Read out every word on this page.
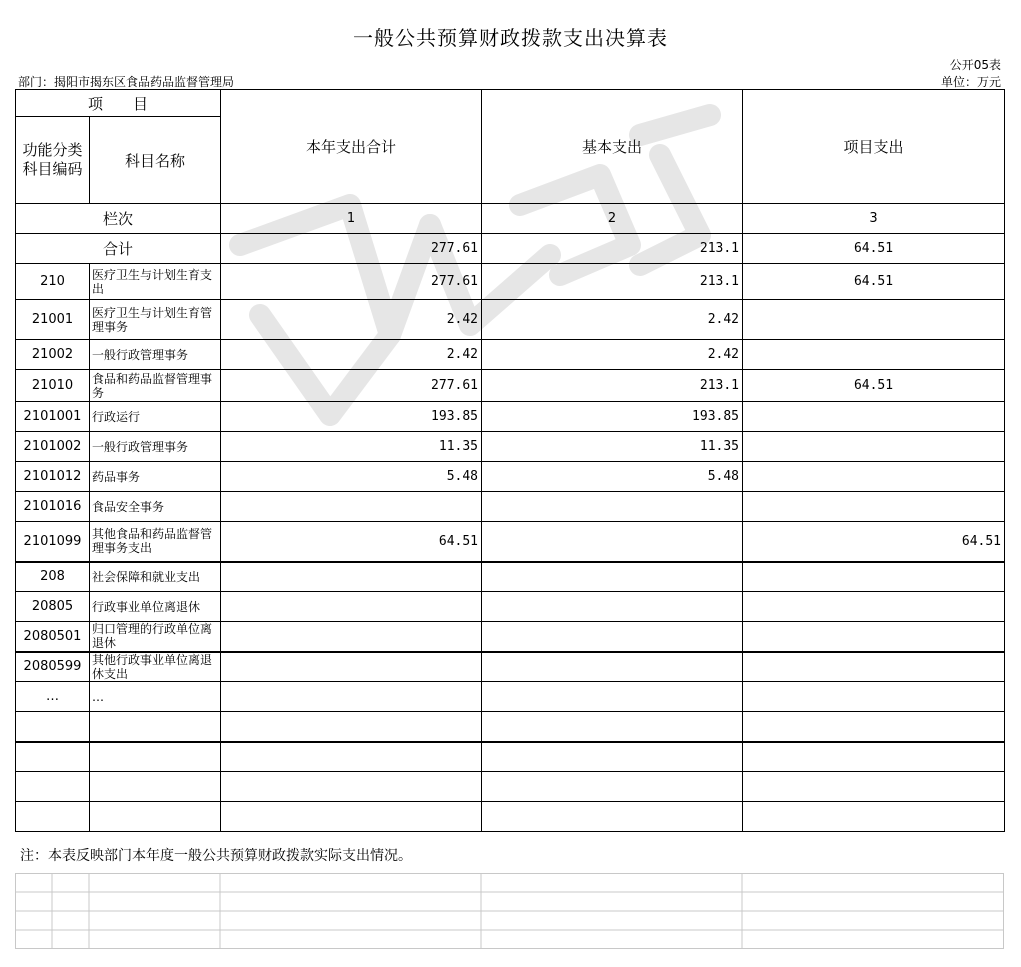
一般公共预算财政拨款支出决算表
公开05表
部门：揭阳市揭东区食品药品监督管理局	单位：万元
项　　目		本年支出合计	基本支出	项目支出
功能分类科目编码	科目名称			
栏次		1	2	3
合计		277.61	213.1	64.51
210	医疗卫生与计划生育支出	277.61	213.1	64.51
21001	医疗卫生与计划生育管理事务	2.42	2.42	
21002	一般行政管理事务	2.42	2.42	
21010	食品和药品监督管理事务	277.61	213.1	64.51
2101001	行政运行	193.85	193.85	
2101002	一般行政管理事务	11.35	11.35	
2101012	药品事务	5.48	5.48	
2101016	食品安全事务			
2101099	其他食品和药品监督管理事务支出	64.51		64.51
208	社会保障和就业支出			
20805	行政事业单位离退休			
2080501	归口管理的行政单位离退休			
2080599	其他行政事业单位离退休支出			
…	…			

注：本表反映部门本年度一般公共预算财政拨款实际支出情况。
